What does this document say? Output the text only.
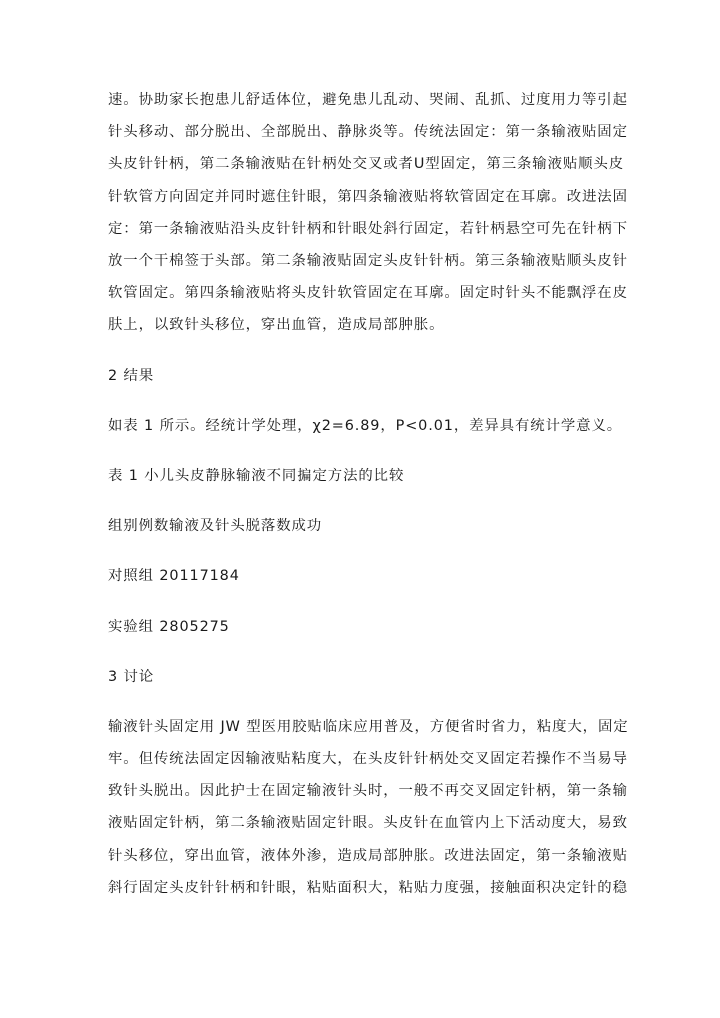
速。协助家长抱患儿舒适体位，避免患儿乱动、哭闹、乱抓、过度用力等引起
针头移动、部分脱出、全部脱出、静脉炎等。传统法固定：第一条输液贴固定
头皮针针柄，第二条输液贴在针柄处交叉或者U型固定，第三条输液贴顺头皮
针软管方向固定并同时遮住针眼，第四条输液贴将软管固定在耳廓。改进法固
定：第一条输液贴沿头皮针针柄和针眼处斜行固定，若针柄悬空可先在针柄下
放一个干棉签于头部。第二条输液贴固定头皮针针柄。第三条输液贴顺头皮针
软管固定。第四条输液贴将头皮针软管固定在耳廓。固定时针头不能飘浮在皮
肤上，以致针头移位，穿出血管，造成局部肿胀。

2 结果

如表 1 所示。经统计学处理，χ2=6.89，P<0.01，差异具有统计学意义。

表 1 小儿头皮静脉输液不同揙定方法的比较

组别例数输液及针头脱落数成功

对照组 20117184

实验组 2805275

3 讨论

输液针头固定用 JW 型医用胶贴临床应用普及，方便省时省力，粘度大，固定
牢。但传统法固定因输液贴粘度大，在头皮针针柄处交叉固定若操作不当易导
致针头脱出。因此护士在固定输液针头时，一般不再交叉固定针柄，第一条输
液贴固定针柄，第二条输液贴固定针眼。头皮针在血管内上下活动度大，易致
针头移位，穿出血管，液体外渗，造成局部肿胀。改进法固定，第一条输液贴
斜行固定头皮针针柄和针眼，粘贴面积大，粘贴力度强，接触面积决定针的稳
